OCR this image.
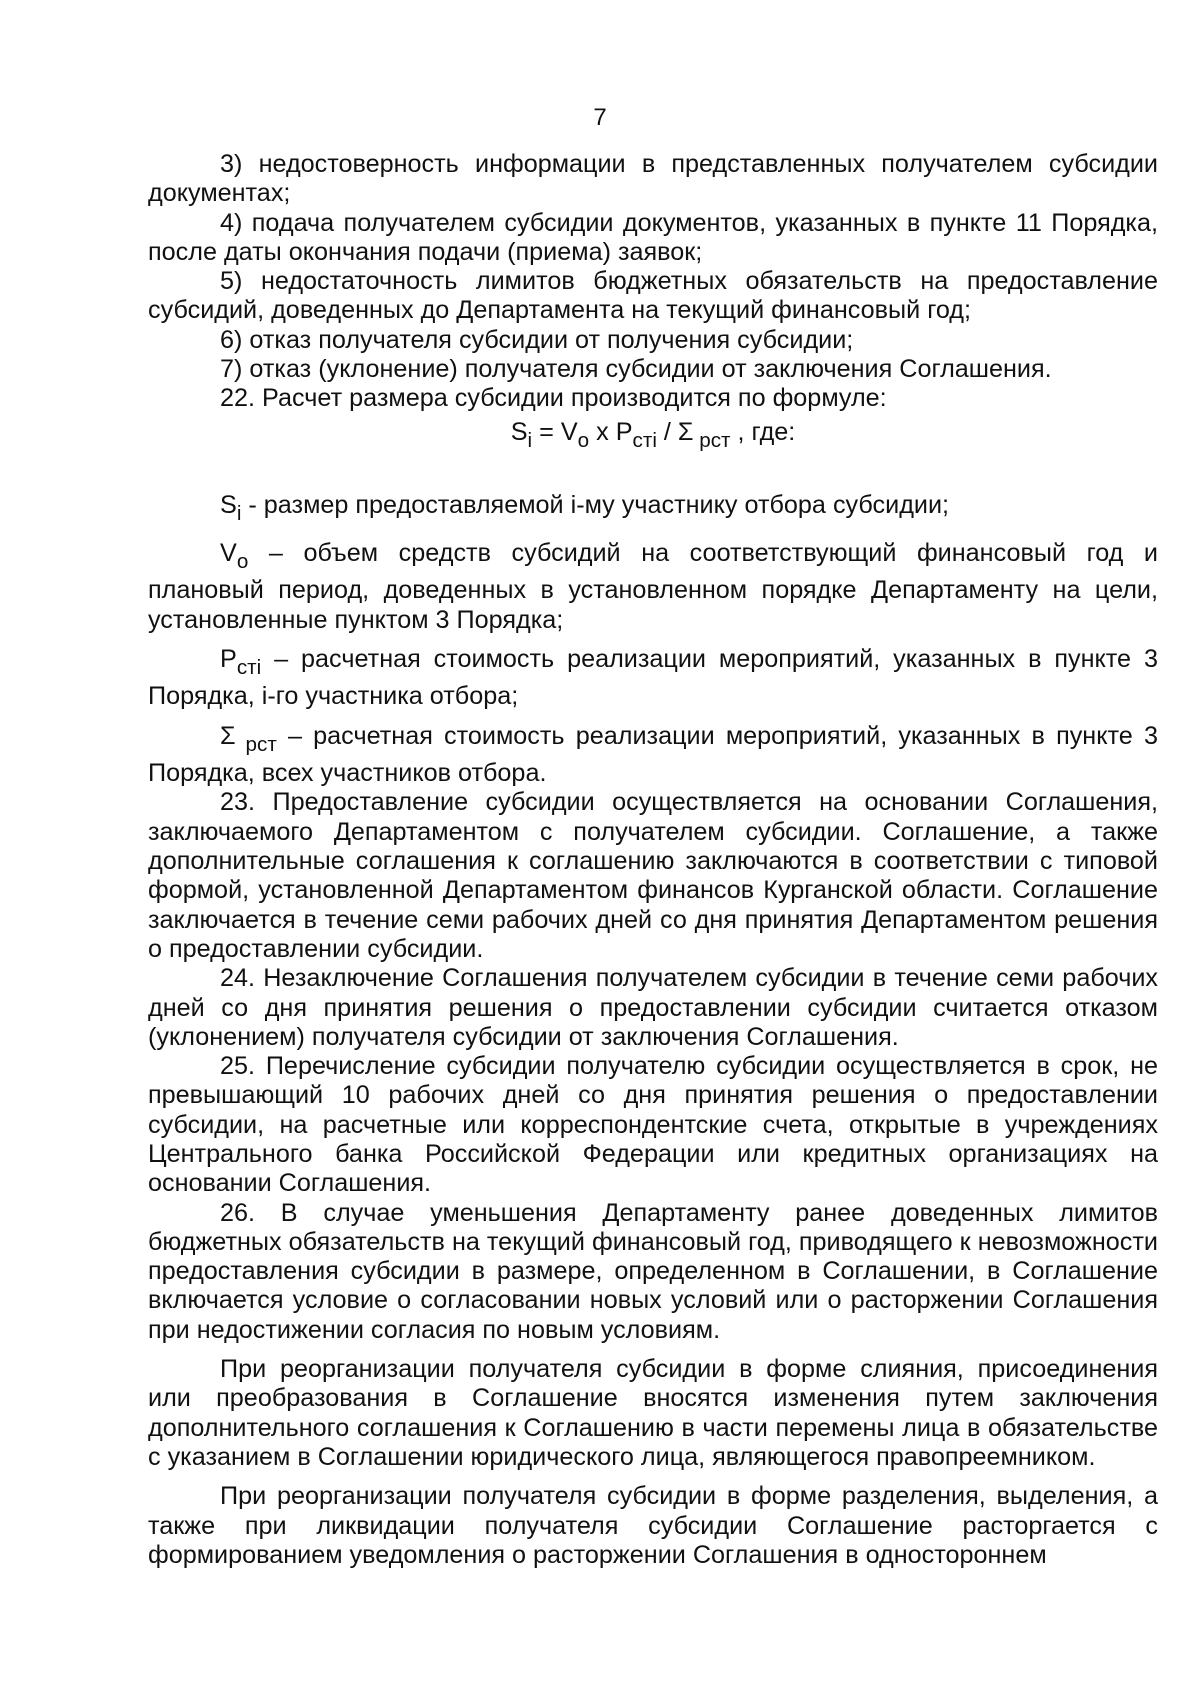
7

3) недостоверность информации в представленных получателем субсидии документах;

4) подача получателем субсидии документов, указанных в пункте 11 Порядка, после даты окончания подачи (приема) заявок;

5) недостаточность лимитов бюджетных обязательств на предоставление субсидий, доведенных до Департамента на текущий финансовый год;

6) отказ получателя субсидии от получения субсидии;

7) отказ (уклонение) получателя субсидии от заключения Соглашения.

22. Расчет размера субсидии производится по формуле:

$S_i = V_o$ x $P_{cтi}$ / Σ $_{рст}$ , где:

$S_i$ - размер предоставляемой i-му участнику отбора субсидии;

$V_o$ – объем средств субсидий на соответствующий финансовый год и плановый период, доведенных в установленном порядке Департаменту на цели, установленные пунктом 3 Порядка;

$P_{cтi}$ – расчетная стоимость реализации мероприятий, указанных в пункте 3 Порядка, i-го участника отбора;

Σ $_{рст}$ – расчетная стоимость реализации мероприятий, указанных в пункте 3 Порядка, всех участников отбора.

23. Предоставление субсидии осуществляется на основании Соглашения, заключаемого Департаментом с получателем субсидии. Соглашение, а также дополнительные соглашения к соглашению заключаются в соответствии с типовой формой, установленной Департаментом финансов Курганской области. Соглашение заключается в течение семи рабочих дней со дня принятия Департаментом решения о предоставлении субсидии.

24. Незаключение Соглашения получателем субсидии в течение семи рабочих дней со дня принятия решения о предоставлении субсидии считается отказом (уклонением) получателя субсидии от заключения Соглашения.

25. Перечисление субсидии получателю субсидии осуществляется в срок, не превышающий 10 рабочих дней со дня принятия решения о предоставлении субсидии, на расчетные или корреспондентские счета, открытые в учреждениях Центрального банка Российской Федерации или кредитных организациях на основании Соглашения.

26. В случае уменьшения Департаменту ранее доведенных лимитов бюджетных обязательств на текущий финансовый год, приводящего к невозможности предоставления субсидии в размере, определенном в Соглашении, в Соглашение включается условие о согласовании новых условий или о расторжении Соглашения при недостижении согласия по новым условиям.

При реорганизации получателя субсидии в форме слияния, присоединения или преобразования в Соглашение вносятся изменения путем заключения дополнительного соглашения к Соглашению в части перемены лица в обязательстве с указанием в Соглашении юридического лица, являющегося правопреемником.

При реорганизации получателя субсидии в форме разделения, выделения, а также при ликвидации получателя субсидии Соглашение расторгается с формированием уведомления о расторжении Соглашения в одностороннем
